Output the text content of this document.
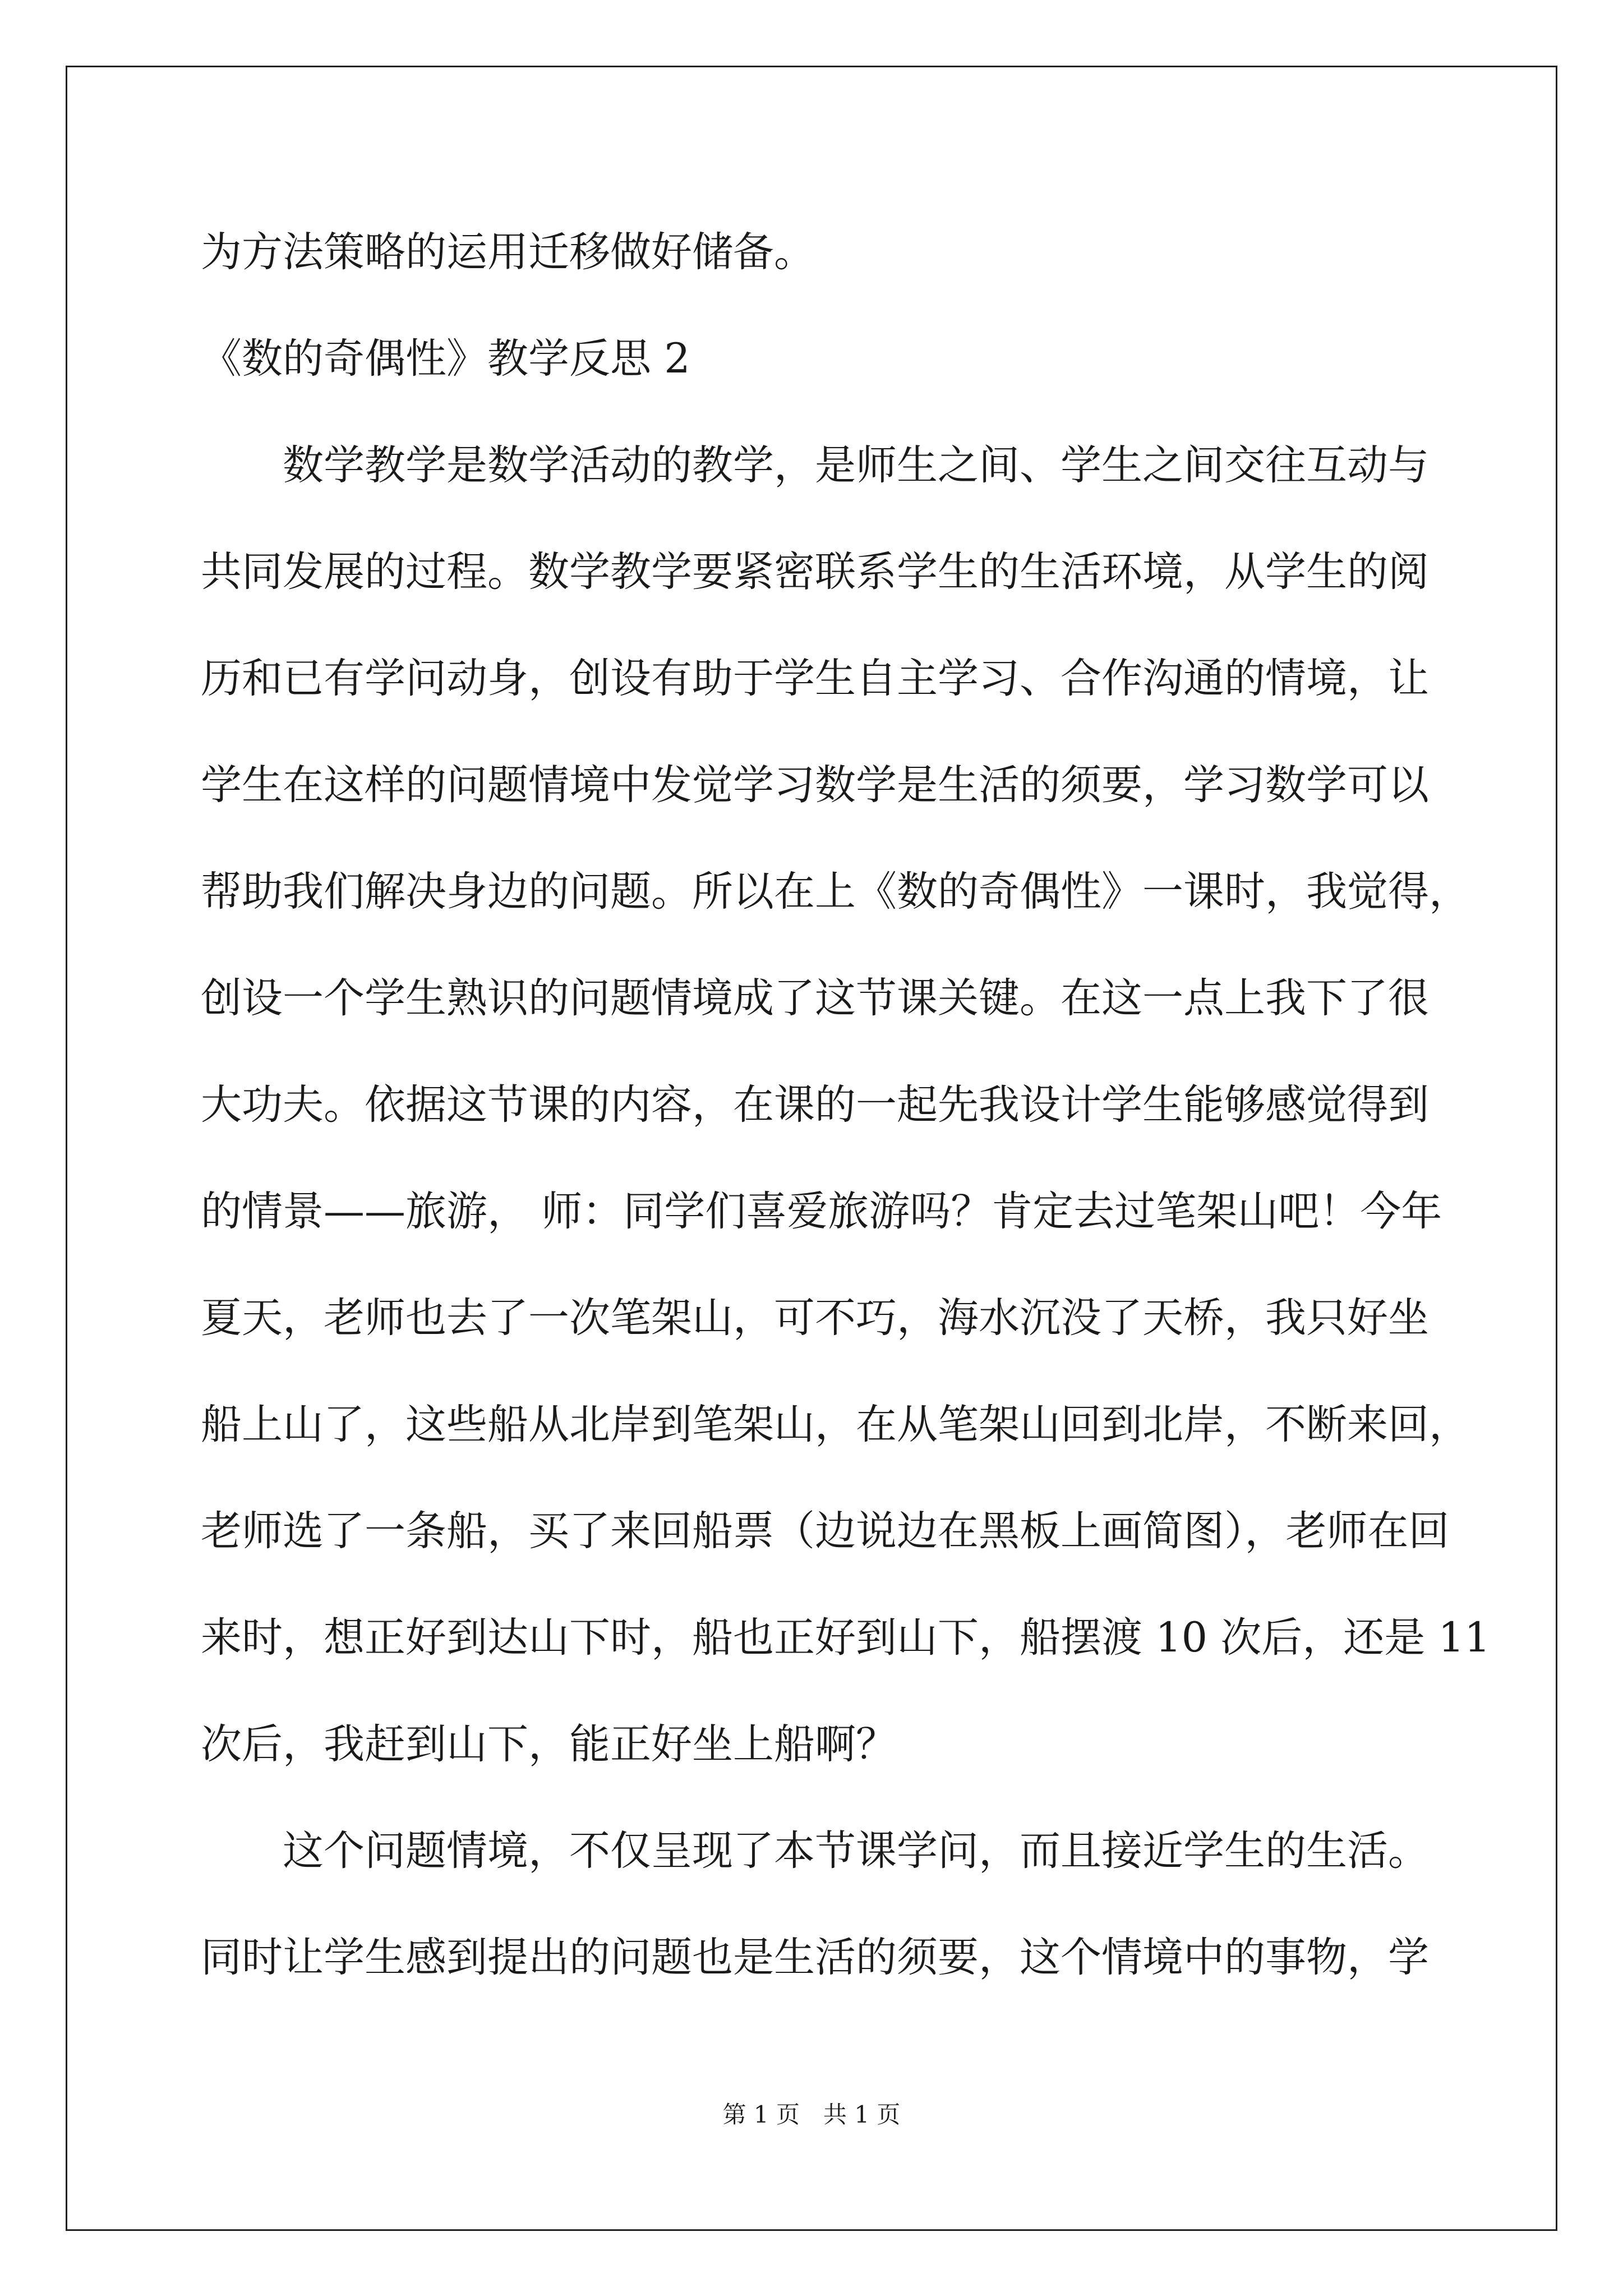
为方法策略的运用迁移做好储备。
《数的奇偶性》教学反思 2
　　数学教学是数学活动的教学，是师生之间、学生之间交往互动与
共同发展的过程。数学教学要紧密联系学生的生活环境，从学生的阅
历和已有学问动身，创设有助于学生自主学习、合作沟通的情境，让
学生在这样的问题情境中发觉学习数学是生活的须要，学习数学可以
帮助我们解决身边的问题。所以在上《数的奇偶性》一课时，我觉得，
创设一个学生熟识的问题情境成了这节课关键。在这一点上我下了很
大功夫。依据这节课的内容，在课的一起先我设计学生能够感觉得到
的情景——旅游， 师：同学们喜爱旅游吗？肯定去过笔架山吧！今年
夏天，老师也去了一次笔架山，可不巧，海水沉没了天桥，我只好坐
船上山了，这些船从北岸到笔架山，在从笔架山回到北岸，不断来回，
老师选了一条船，买了来回船票（边说边在黑板上画简图），老师在回
来时，想正好到达山下时，船也正好到山下，船摆渡 10 次后，还是 11
次后，我赶到山下，能正好坐上船啊？
　　这个问题情境，不仅呈现了本节课学问，而且接近学生的生活。
同时让学生感到提出的问题也是生活的须要，这个情境中的事物，学
第 1 页　共 1 页
